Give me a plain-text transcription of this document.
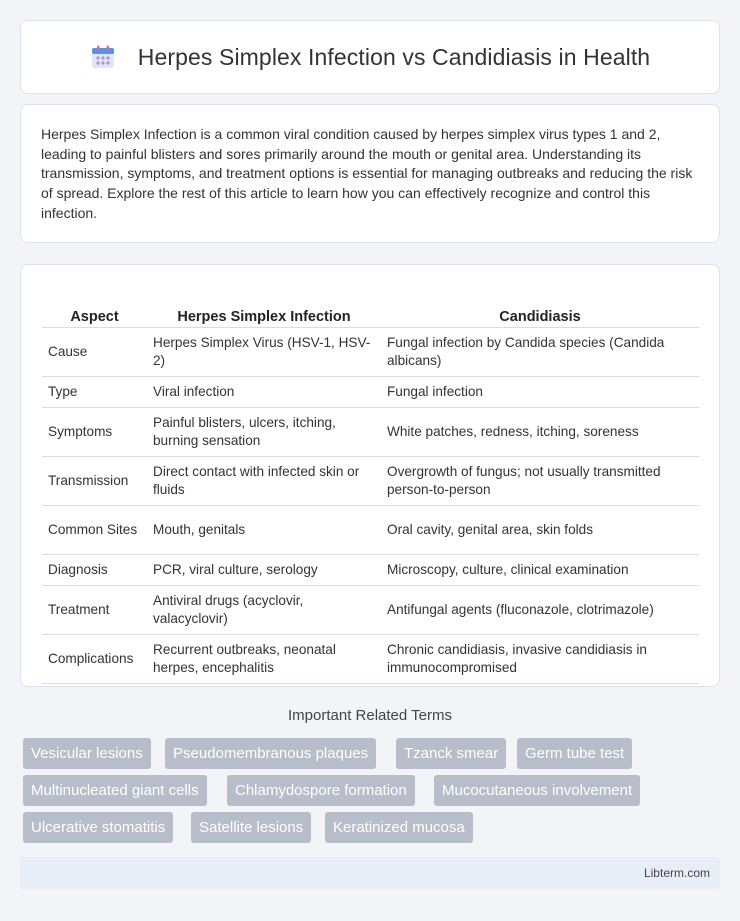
Herpes Simplex Infection vs Candidiasis in Health

Herpes Simplex Infection is a common viral condition caused by herpes simplex virus types 1 and 2, leading to painful blisters and sores primarily around the mouth or genital area. Understanding its transmission, symptoms, and treatment options is essential for managing outbreaks and reducing the risk of spread. Explore the rest of this article to learn how you can effectively recognize and control this infection.

Aspect	Herpes Simplex Infection	Candidiasis
Cause	Herpes Simplex Virus (HSV-1, HSV-2)	Fungal infection by Candida species (Candida albicans)
Type	Viral infection	Fungal infection
Symptoms	Painful blisters, ulcers, itching, burning sensation	White patches, redness, itching, soreness
Transmission	Direct contact with infected skin or fluids	Overgrowth of fungus; not usually transmitted person-to-person
Common Sites	Mouth, genitals	Oral cavity, genital area, skin folds
Diagnosis	PCR, viral culture, serology	Microscopy, culture, clinical examination
Treatment	Antiviral drugs (acyclovir, valacyclovir)	Antifungal agents (fluconazole, clotrimazole)
Complications	Recurrent outbreaks, neonatal herpes, encephalitis	Chronic candidiasis, invasive candidiasis in immunocompromised
Important Related Terms
Vesicular lesions	Pseudomembranous plaques	Tzanck smear	Germ tube test
Multinucleated giant cells	Chlamydospore formation	Mucocutaneous involvement
Ulcerative stomatitis	Satellite lesions	Keratinized mucosa
Libterm.com
